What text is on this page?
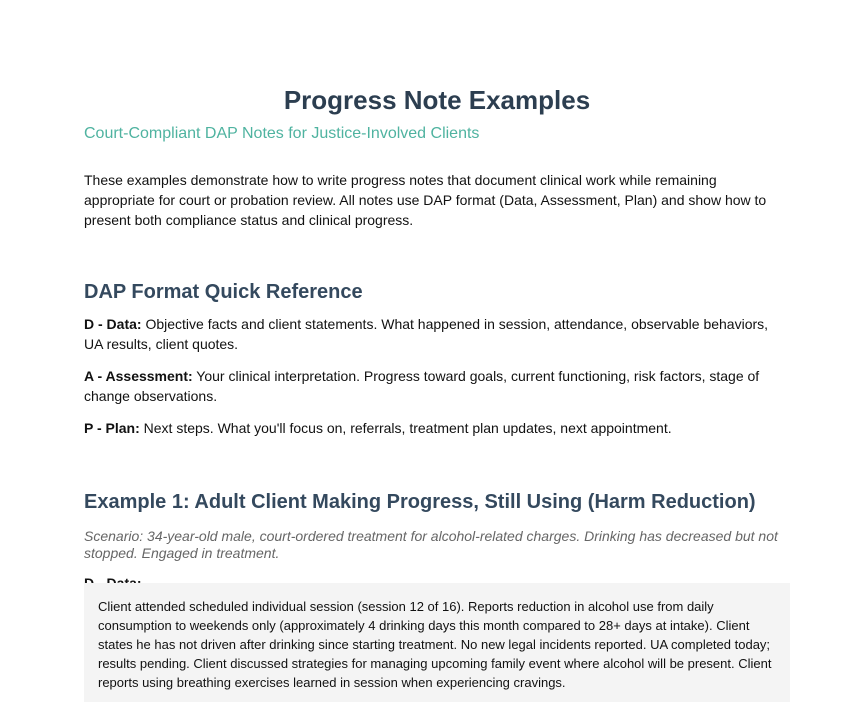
Progress Note Examples

Court-Compliant DAP Notes for Justice-Involved Clients

These examples demonstrate how to write progress notes that document clinical work while remaining appropriate for court or probation review. All notes use DAP format (Data, Assessment, Plan) and show how to present both compliance status and clinical progress.

DAP Format Quick Reference

D - Data: Objective facts and client statements. What happened in session, attendance, observable behaviors, UA results, client quotes.

A - Assessment: Your clinical interpretation. Progress toward goals, current functioning, risk factors, stage of change observations.

P - Plan: Next steps. What you'll focus on, referrals, treatment plan updates, next appointment.

Example 1: Adult Client Making Progress, Still Using (Harm Reduction)

Scenario: 34-year-old male, court-ordered treatment for alcohol-related charges. Drinking has decreased but not stopped. Engaged in treatment.

Client attended scheduled individual session (session 12 of 16). Reports reduction in alcohol use from daily consumption to weekends only (approximately 4 drinking days this month compared to 28+ days at intake). Client states he has not driven after drinking since starting treatment. No new legal incidents reported. UA completed today; results pending. Client discussed strategies for managing upcoming family event where alcohol will be present. Client reports using breathing exercises learned in session when experiencing cravings.
